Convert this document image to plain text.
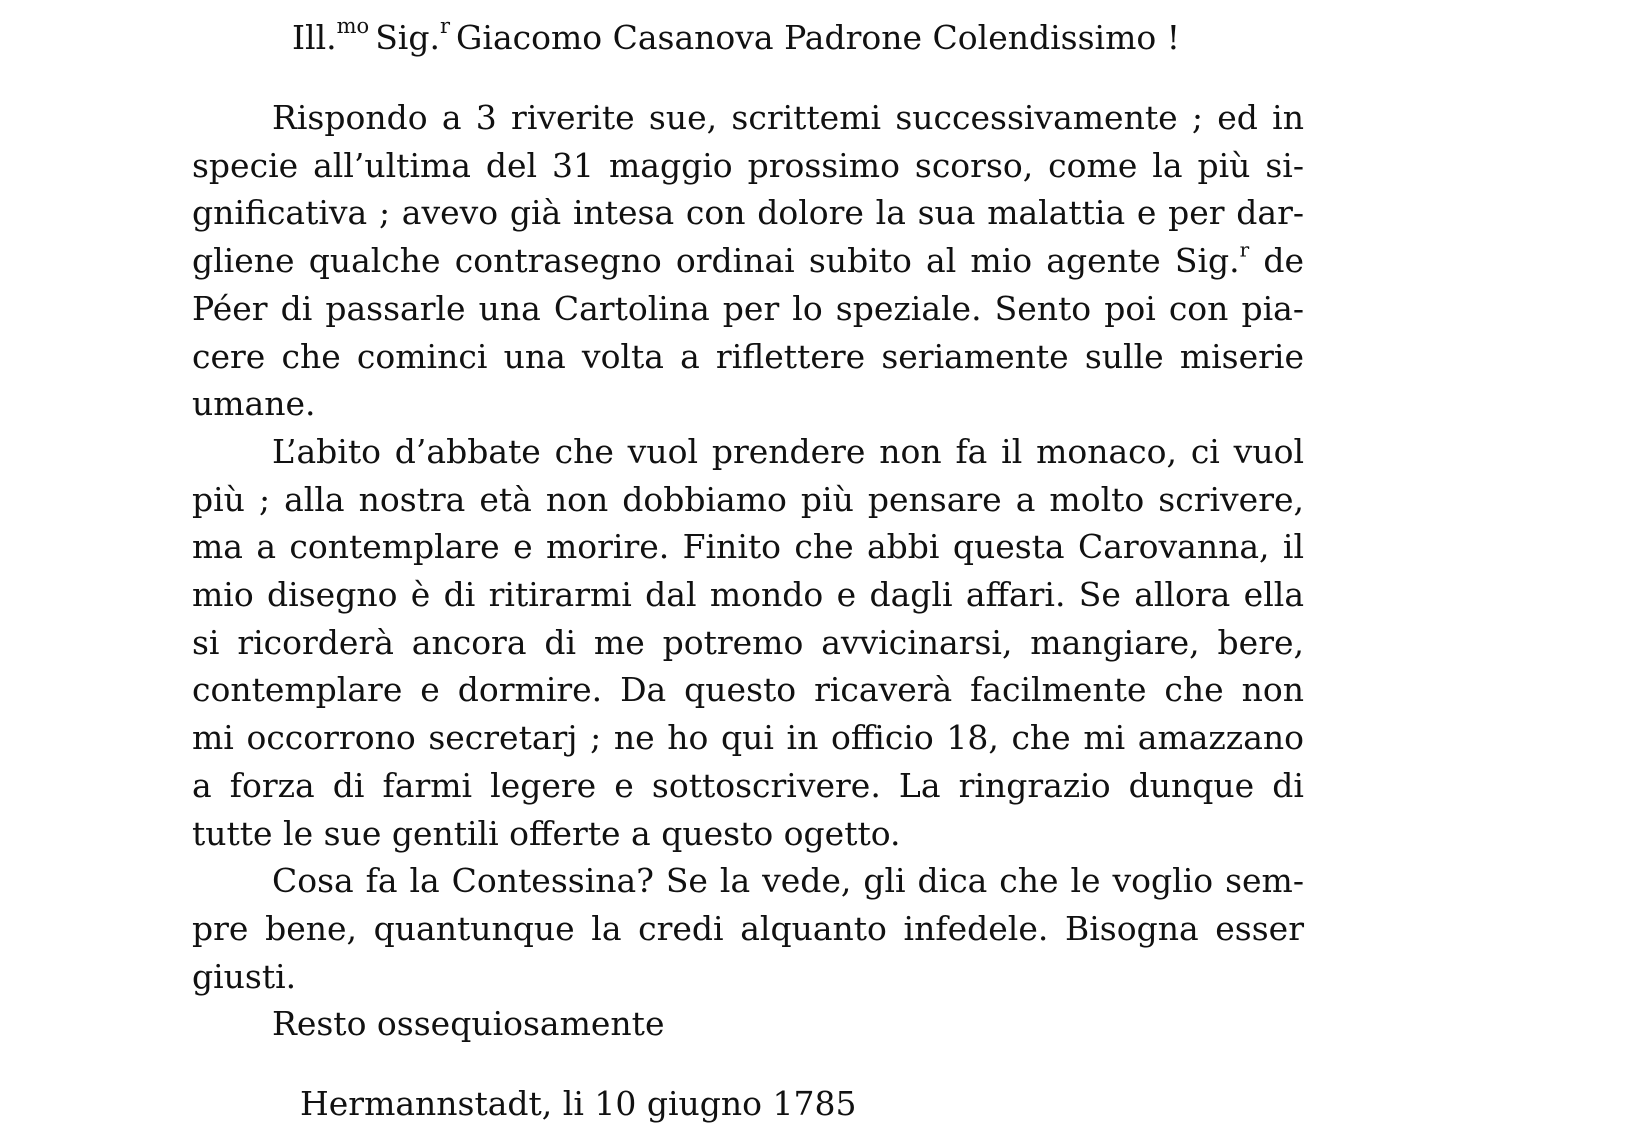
Ill.$^{mo}$ Sig.$^r$ Giacomo Casanova Padrone Colendissimo !
Rispondo a 3 riverite sue, scrittemi successivamente ; ed in
specie all’ultima del 31 maggio prossimo scorso, come la più si-
gnificativa ; avevo già intesa con dolore la sua malattia e per dar-
gliene qualche contrasegno ordinai subito al mio agente Sig.$^r$ de
Péer di passarle una Cartolina per lo speziale. Sento poi con pia-
cere che cominci una volta a riflettere seriamente sulle miserie
umane.
L’abito d’abbate che vuol prendere non fa il monaco, ci vuol
più ; alla nostra età non dobbiamo più pensare a molto scrivere,
ma a contemplare e morire. Finito che abbi questa Carovanna, il
mio disegno è di ritirarmi dal mondo e dagli affari. Se allora ella
si ricorderà ancora di me potremo avvicinarsi, mangiare, bere,
contemplare e dormire. Da questo ricaverà facilmente che non
mi occorrono secretarj ; ne ho qui in officio 18, che mi amazzano
a forza di farmi legere e sottoscrivere. La ringrazio dunque di
tutte le sue gentili offerte a questo ogetto.
Cosa fa la Contessina? Se la vede, gli dica che le voglio sem-
pre bene, quantunque la credi alquanto infedele. Bisogna esser
giusti.
Resto ossequiosamente
Hermannstadt, li 10 giugno 1785
